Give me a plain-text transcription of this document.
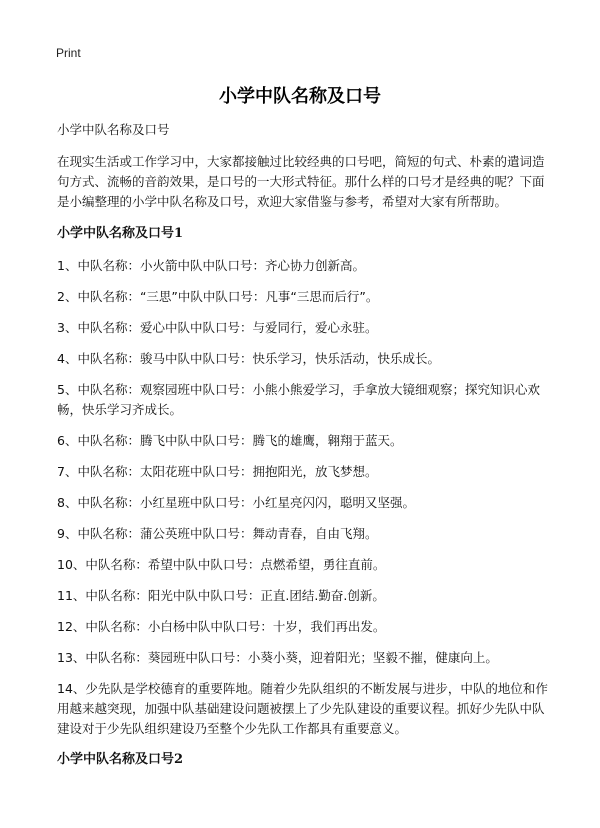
Print
小学中队名称及口号

小学中队名称及口号

在现实生活或工作学习中，大家都接触过比较经典的口号吧，简短的句式、朴素的遣词造句方式、流畅的音韵效果，是口号的一大形式特征。那什么样的口号才是经典的呢？下面是小编整理的小学中队名称及口号，欢迎大家借鉴与参考，希望对大家有所帮助。

小学中队名称及口号1

1、中队名称：小火箭中队中队口号：齐心协力创新高。
2、中队名称：“三思”中队中队口号：凡事“三思而后行”。
3、中队名称：爱心中队中队口号：与爱同行，爱心永驻。
4、中队名称：骏马中队中队口号：快乐学习，快乐活动，快乐成长。
5、中队名称：观察园班中队口号：小熊小熊爱学习，手拿放大镜细观察；探究知识心欢畅，快乐学习齐成长。
6、中队名称：腾飞中队中队口号：腾飞的雄鹰，翱翔于蓝天。
7、中队名称：太阳花班中队口号：拥抱阳光，放飞梦想。
8、中队名称：小红星班中队口号：小红星亮闪闪，聪明又坚强。
9、中队名称：蒲公英班中队口号：舞动青春，自由飞翔。
10、中队名称：希望中队中队口号：点燃希望，勇往直前。
11、中队名称：阳光中队中队口号：正直.团结.勤奋.创新。
12、中队名称：小白杨中队中队口号：十岁，我们再出发。
13、中队名称：葵园班中队口号：小葵小葵，迎着阳光；坚毅不摧，健康向上。
14、少先队是学校德育的重要阵地。随着少先队组织的不断发展与进步，中队的地位和作用越来越突现，加强中队基础建设问题被摆上了少先队建设的重要议程。抓好少先队中队建设对于少先队组织建设乃至整个少先队工作都具有重要意义。

小学中队名称及口号2
